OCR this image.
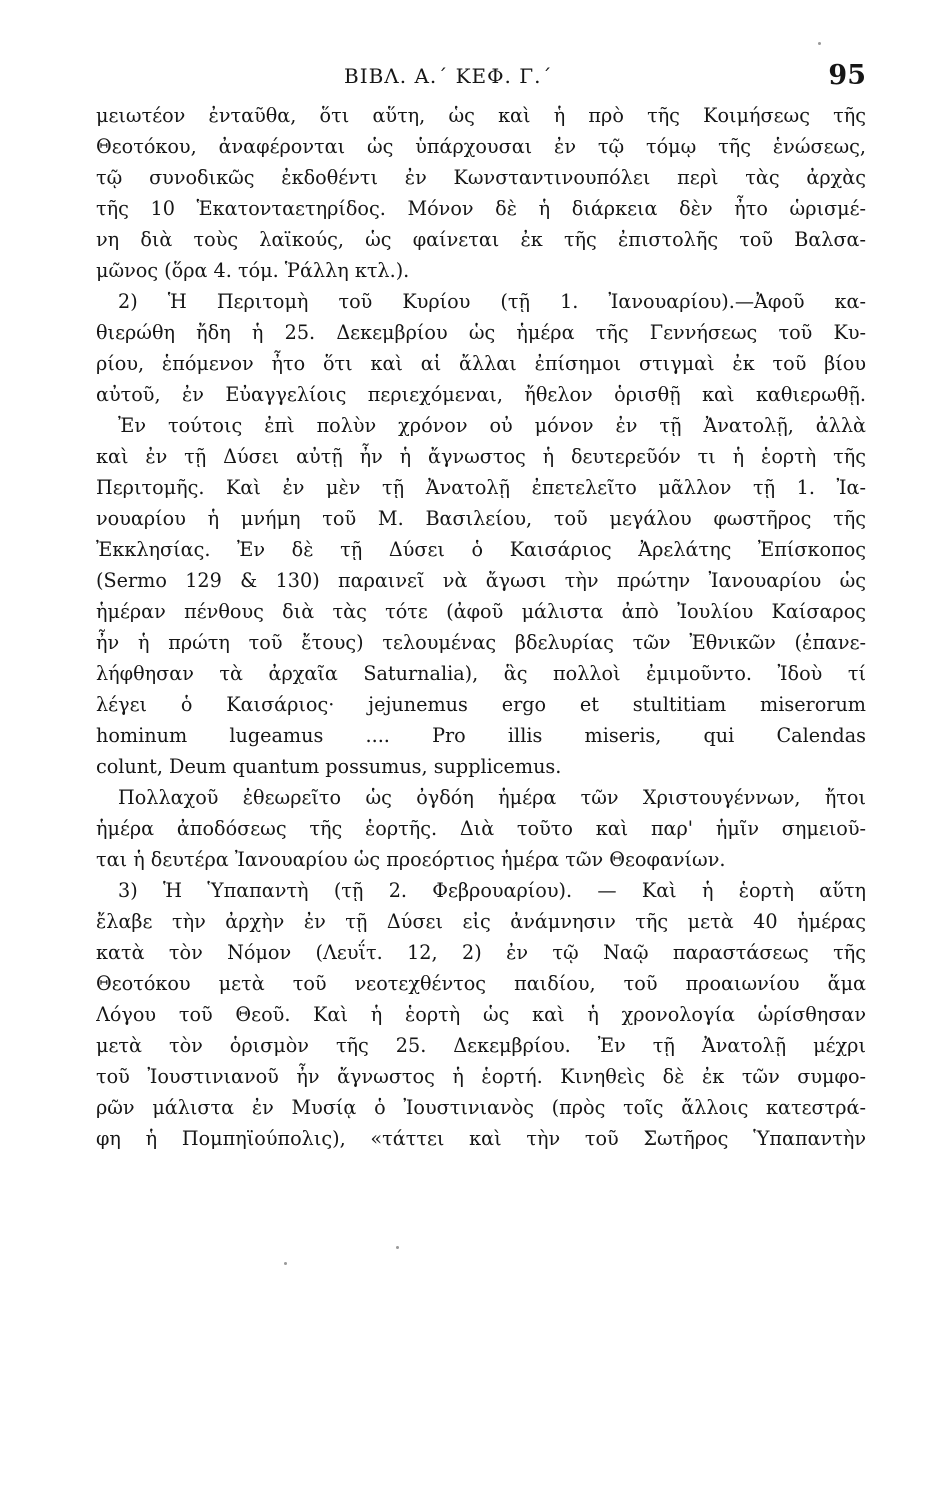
ΒΙΒΛ. Α.΄ ΚΕΦ. Γ.΄	95
μειωτέον ἐνταῦθα, ὅτι αὕτη, ὡς καὶ ἡ πρὸ τῆς Κοιμήσεως τῆς
Θεοτόκου, ἀναφέρονται ὡς ὑπάρχουσαι ἐν τῷ τόμῳ τῆς ἑνώσεως,
τῷ συνοδικῶς ἐκδοθέντι ἐν Κωνσταντινουπόλει περὶ τὰς ἀρχὰς
τῆς 10 Ἑκατονταετηρίδος. Μόνον δὲ ἡ διάρκεια δὲν ἦτο ὡρισμέ-
νη διὰ τοὺς λαϊκούς, ὡς φαίνεται ἐκ τῆς ἐπιστολῆς τοῦ Βαλσα-
μῶνος (ὅρα 4. τόμ. Ῥάλλη κτλ.).
2) Ἡ Περιτομὴ τοῦ Κυρίου (τῇ 1. Ἰανουαρίου).—Ἀφοῦ κα-
θιερώθη ἤδη ἡ 25. Δεκεμβρίου ὡς ἡμέρα τῆς Γεννήσεως τοῦ Κυ-
ρίου, ἑπόμενον ἦτο ὅτι καὶ αἱ ἄλλαι ἐπίσημοι στιγμαὶ ἐκ τοῦ βίου
αὐτοῦ, ἐν Εὐαγγελίοις περιεχόμεναι, ἤθελον ὁρισθῇ καὶ καθιερωθῇ.
Ἐν τούτοις ἐπὶ πολὺν χρόνον οὐ μόνον ἐν τῇ Ἀνατολῇ, ἀλλὰ
καὶ ἐν τῇ Δύσει αὐτῇ ἦν ἡ ἄγνωστος ἡ δευτερεῦόν τι ἡ ἑορτὴ τῆς
Περιτομῆς. Καὶ ἐν μὲν τῇ Ἀνατολῇ ἐπετελεῖτο μᾶλλον τῇ 1. Ἰα-
νουαρίου ἡ μνήμη τοῦ Μ. Βασιλείου, τοῦ μεγάλου φωστῆρος τῆς
Ἐκκλησίας. Ἐν δὲ τῇ Δύσει ὁ Καισάριος Ἀρελάτης Ἐπίσκοπος
(Sermo 129 & 130) παραινεῖ νὰ ἄγωσι τὴν πρώτην Ἰανουαρίου ὡς
ἡμέραν πένθους διὰ τὰς τότε (ἀφοῦ μάλιστα ἀπὸ Ἰουλίου Καίσαρος
ἦν ἡ πρώτη τοῦ ἔτους) τελουμένας βδελυρίας τῶν Ἐθνικῶν (ἐπανε-
λήφθησαν τὰ ἀρχαῖα Saturnalia), ἃς πολλοὶ ἐμιμοῦντο. Ἰδοὺ τί
λέγει ὁ Καισάριος· jejunemus ergo et stultitiam miserorum
hominum lugeamus .... Pro illis miseris, qui Calendas
colunt, Deum quantum possumus, supplicemus.
Πολλαχοῦ ἐθεωρεῖτο ὡς ὀγδόη ἡμέρα τῶν Χριστουγέννων, ἤτοι
ἡμέρα ἀποδόσεως τῆς ἑορτῆς. Διὰ τοῦτο καὶ παρ' ἡμῖν σημειοῦ-
ται ἡ δευτέρα Ἰανουαρίου ὡς προεόρτιος ἡμέρα τῶν Θεοφανίων.
3) Ἡ Ὑπαπαντὴ (τῇ 2. Φεβρουαρίου). — Καὶ ἡ ἑορτὴ αὕτη
ἔλαβε τὴν ἀρχὴν ἐν τῇ Δύσει εἰς ἀνάμνησιν τῆς μετὰ 40 ἡμέρας
κατὰ τὸν Νόμον (Λευΐτ. 12, 2) ἐν τῷ Ναῷ παραστάσεως τῆς
Θεοτόκου μετὰ τοῦ νεοτεχθέντος παιδίου, τοῦ προαιωνίου ἅμα
Λόγου τοῦ Θεοῦ. Καὶ ἡ ἑορτὴ ὡς καὶ ἡ χρονολογία ὡρίσθησαν
μετὰ τὸν ὁρισμὸν τῆς 25. Δεκεμβρίου. Ἐν τῇ Ἀνατολῇ μέχρι
τοῦ Ἰουστινιανοῦ ἦν ἄγνωστος ἡ ἑορτή. Κινηθεὶς δὲ ἐκ τῶν συμφο-
ρῶν μάλιστα ἐν Μυσίᾳ ὁ Ἰουστινιανὸς (πρὸς τοῖς ἄλλοις κατεστρά-
φη ἡ Πομπηϊούπολις), «τάττει καὶ τὴν τοῦ Σωτῆρος Ὑπαπαντὴν
